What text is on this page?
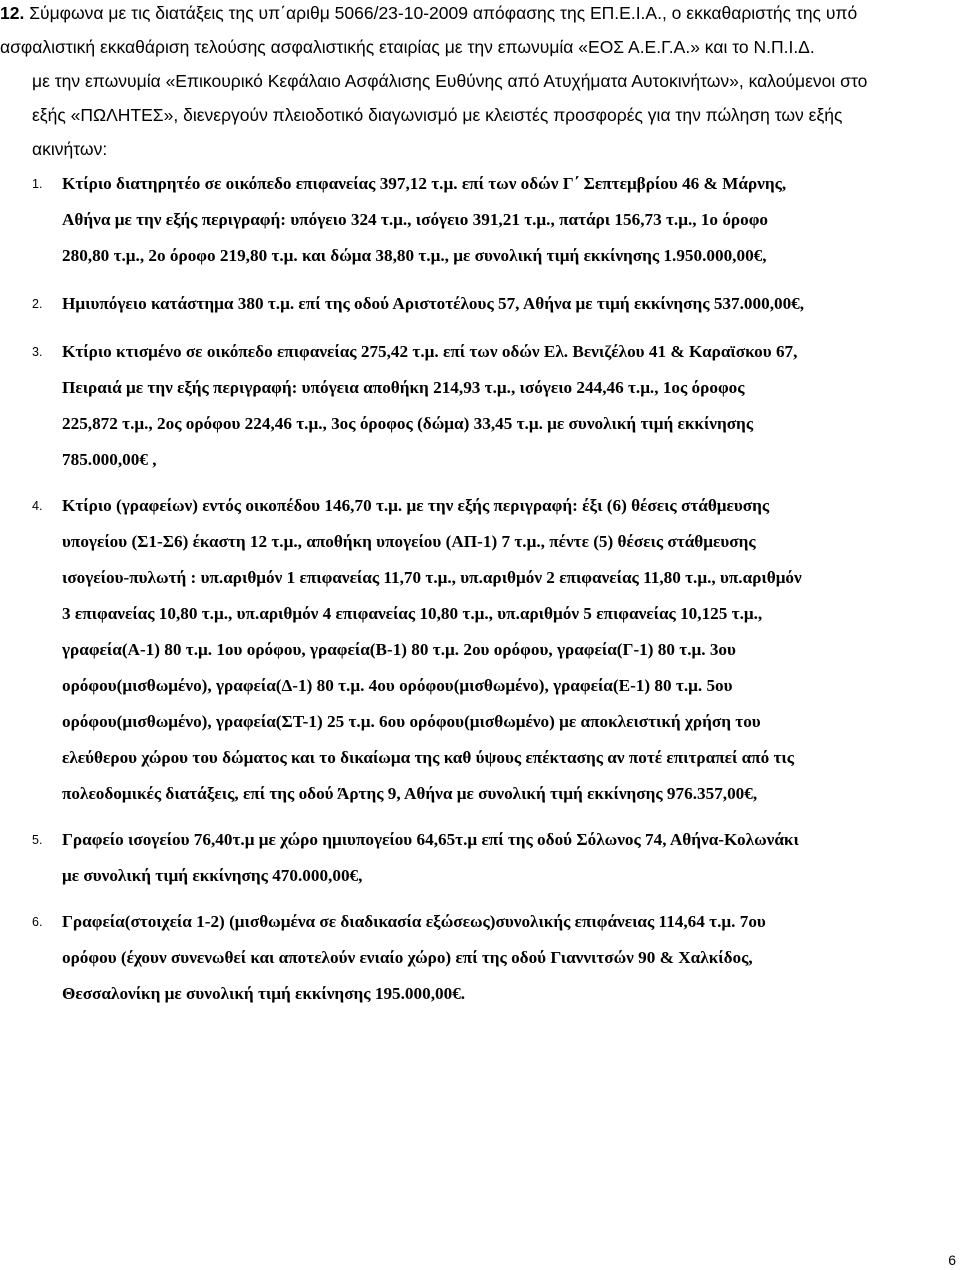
12. Σύμφωνα με τις διατάξεις της υπ΄αριθμ 5066/23-10-2009 απόφασης της ΕΠ.Ε.Ι.Α., ο εκκαθαριστής της υπό
ασφαλιστική εκκαθάριση τελούσης ασφαλιστικής εταιρίας με την επωνυμία «ΕΟΣ Α.Ε.Γ.Α.» και το Ν.Π.Ι.Δ.
με την επωνυμία «Επικουρικό Κεφάλαιο Ασφάλισης Ευθύνης από Ατυχήματα Αυτοκινήτων», καλούμενοι στο
εξής «ΠΩΛΗΤΕΣ», διενεργούν πλειοδοτικό διαγωνισμό με κλειστές προσφορές για την πώληση των εξής
ακινήτων:
1. Κτίριο διατηρητέο σε οικόπεδο επιφανείας 397,12 τ.μ. επί των οδών Γ΄ Σεπτεμβρίου 46 & Μάρνης,
Αθήνα με την εξής περιγραφή: υπόγειο 324 τ.μ., ισόγειο 391,21 τ.μ., πατάρι 156,73 τ.μ., 1ο όροφο
280,80 τ.μ., 2ο όροφο 219,80 τ.μ. και δώμα 38,80 τ.μ., με συνολική τιμή εκκίνησης 1.950.000,00€,
2. Ημιυπόγειο κατάστημα 380 τ.μ. επί της οδού Αριστοτέλους 57, Αθήνα με τιμή εκκίνησης 537.000,00€,
3. Κτίριο κτισμένο σε οικόπεδο επιφανείας 275,42 τ.μ. επί των οδών Ελ. Βενιζέλου 41 & Καραϊσκου 67,
Πειραιά με την εξής περιγραφή: υπόγεια αποθήκη 214,93 τ.μ., ισόγειο 244,46 τ.μ., 1ος όροφος
225,872 τ.μ., 2ος ορόφου 224,46 τ.μ., 3ος όροφος (δώμα) 33,45 τ.μ. με συνολική τιμή εκκίνησης
785.000,00€ ,
4. Κτίριο (γραφείων) εντός οικοπέδου 146,70 τ.μ. με την εξής περιγραφή: έξι (6) θέσεις στάθμευσης
υπογείου (Σ1-Σ6) έκαστη 12 τ.μ., αποθήκη υπογείου (ΑΠ-1) 7 τ.μ., πέντε (5) θέσεις στάθμευσης
ισογείου-πυλωτή : υπ.αριθμόν 1 επιφανείας 11,70 τ.μ., υπ.αριθμόν 2 επιφανείας 11,80 τ.μ., υπ.αριθμόν
3 επιφανείας 10,80 τ.μ., υπ.αριθμόν 4 επιφανείας 10,80 τ.μ., υπ.αριθμόν 5 επιφανείας 10,125 τ.μ.,
γραφεία(Α-1) 80 τ.μ. 1ου ορόφου, γραφεία(Β-1) 80 τ.μ. 2ου ορόφου, γραφεία(Γ-1) 80 τ.μ. 3ου
ορόφου(μισθωμένο), γραφεία(Δ-1) 80 τ.μ. 4ου ορόφου(μισθωμένο), γραφεία(Ε-1) 80 τ.μ. 5ου
ορόφου(μισθωμένο), γραφεία(ΣΤ-1) 25 τ.μ. 6ου ορόφου(μισθωμένο) με αποκλειστική χρήση του
ελεύθερου χώρου του δώματος και το δικαίωμα της καθ ύψους επέκτασης αν ποτέ επιτραπεί από τις
πολεοδομικές διατάξεις, επί της οδού Άρτης 9, Αθήνα με συνολική τιμή εκκίνησης 976.357,00€,
5. Γραφείο ισογείου 76,40τ.μ με χώρο ημιυπογείου 64,65τ.μ επί της οδού Σόλωνος 74, Αθήνα-Κολωνάκι
με συνολική τιμή εκκίνησης 470.000,00€,
6. Γραφεία(στοιχεία 1-2) (μισθωμένα σε διαδικασία εξώσεως)συνολικής επιφάνειας 114,64 τ.μ. 7ου
ορόφου (έχουν συνενωθεί και αποτελούν ενιαίο χώρο) επί της οδού Γιαννιτσών 90 & Χαλκίδος,
Θεσσαλονίκη με συνολική τιμή εκκίνησης 195.000,00€.
6
